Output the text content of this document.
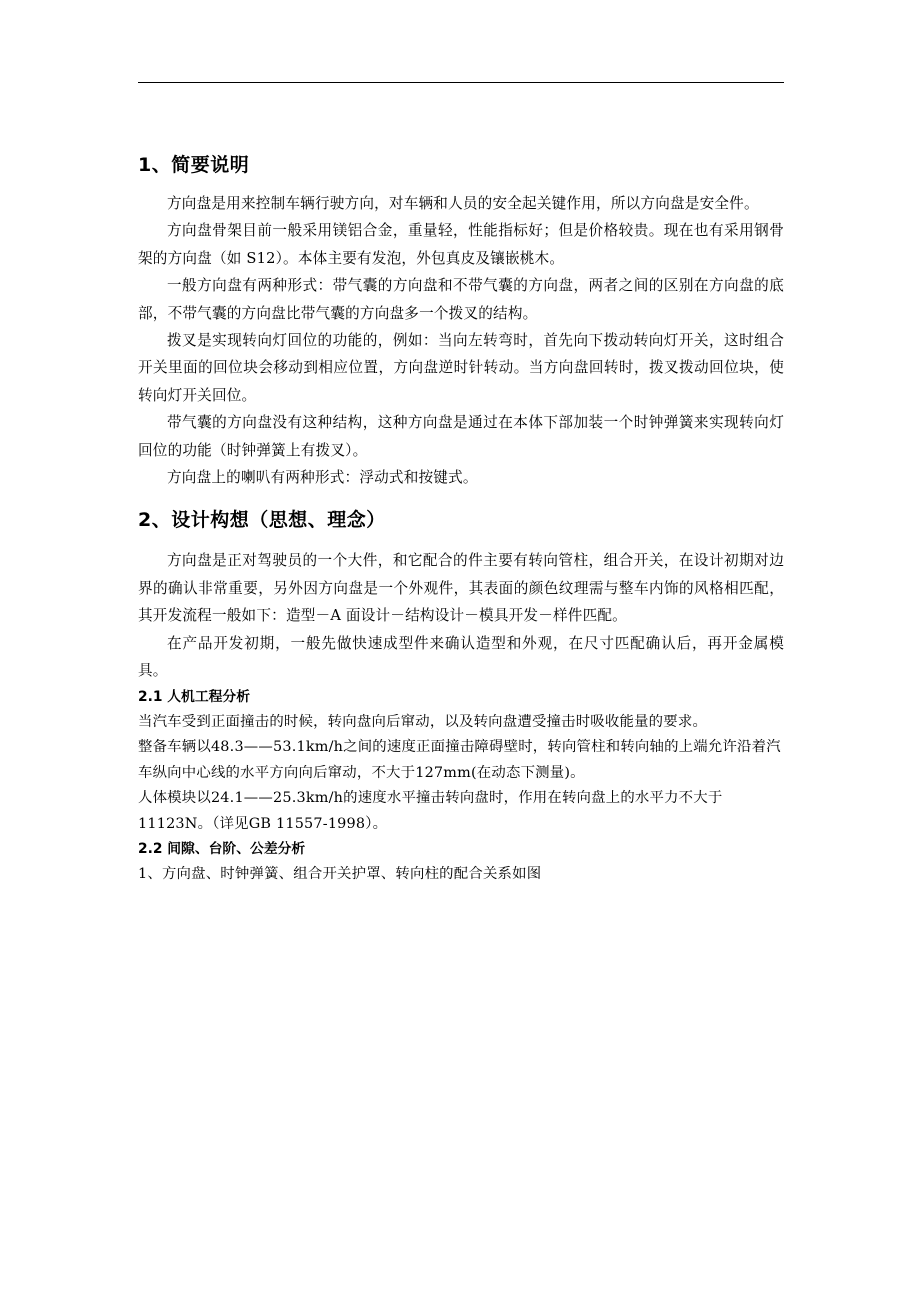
1、简要说明

方向盘是用来控制车辆行驶方向，对车辆和人员的安全起关键作用，所以方向盘是安全件。

方向盘骨架目前一般采用镁铝合金，重量轻，性能指标好；但是价格较贵。现在也有采用钢骨架的方向盘（如 S12）。本体主要有发泡，外包真皮及镶嵌桃木。

一般方向盘有两种形式：带气囊的方向盘和不带气囊的方向盘，两者之间的区别在方向盘的底部，不带气囊的方向盘比带气囊的方向盘多一个拨叉的结构。

拨叉是实现转向灯回位的功能的，例如：当向左转弯时，首先向下拨动转向灯开关，这时组合开关里面的回位块会移动到相应位置，方向盘逆时针转动。当方向盘回转时，拨叉拨动回位块，使转向灯开关回位。

带气囊的方向盘没有这种结构，这种方向盘是通过在本体下部加装一个时钟弹簧来实现转向灯回位的功能（时钟弹簧上有拨叉）。

方向盘上的喇叭有两种形式：浮动式和按键式。

2、设计构想（思想、理念）

方向盘是正对驾驶员的一个大件，和它配合的件主要有转向管柱，组合开关，在设计初期对边界的确认非常重要，另外因方向盘是一个外观件，其表面的颜色纹理需与整车内饰的风格相匹配，其开发流程一般如下：造型－A 面设计－结构设计－模具开发－样件匹配。

在产品开发初期，一般先做快速成型件来确认造型和外观，在尺寸匹配确认后，再开金属模具。

2.1 人机工程分析

当汽车受到正面撞击的时候，转向盘向后窜动，以及转向盘遭受撞击时吸收能量的要求。

整备车辆以48.3——53.1km/h之间的速度正面撞击障碍壁时，转向管柱和转向轴的上端允许沿着汽车纵向中心线的水平方向向后窜动，不大于127mm(在动态下测量)。

人体模块以24.1——25.3km/h的速度水平撞击转向盘时，作用在转向盘上的水平力不大于11123N。（详见GB 11557-1998）。

2.2 间隙、台阶、公差分析

1、方向盘、时钟弹簧、组合开关护罩、转向柱的配合关系如图
